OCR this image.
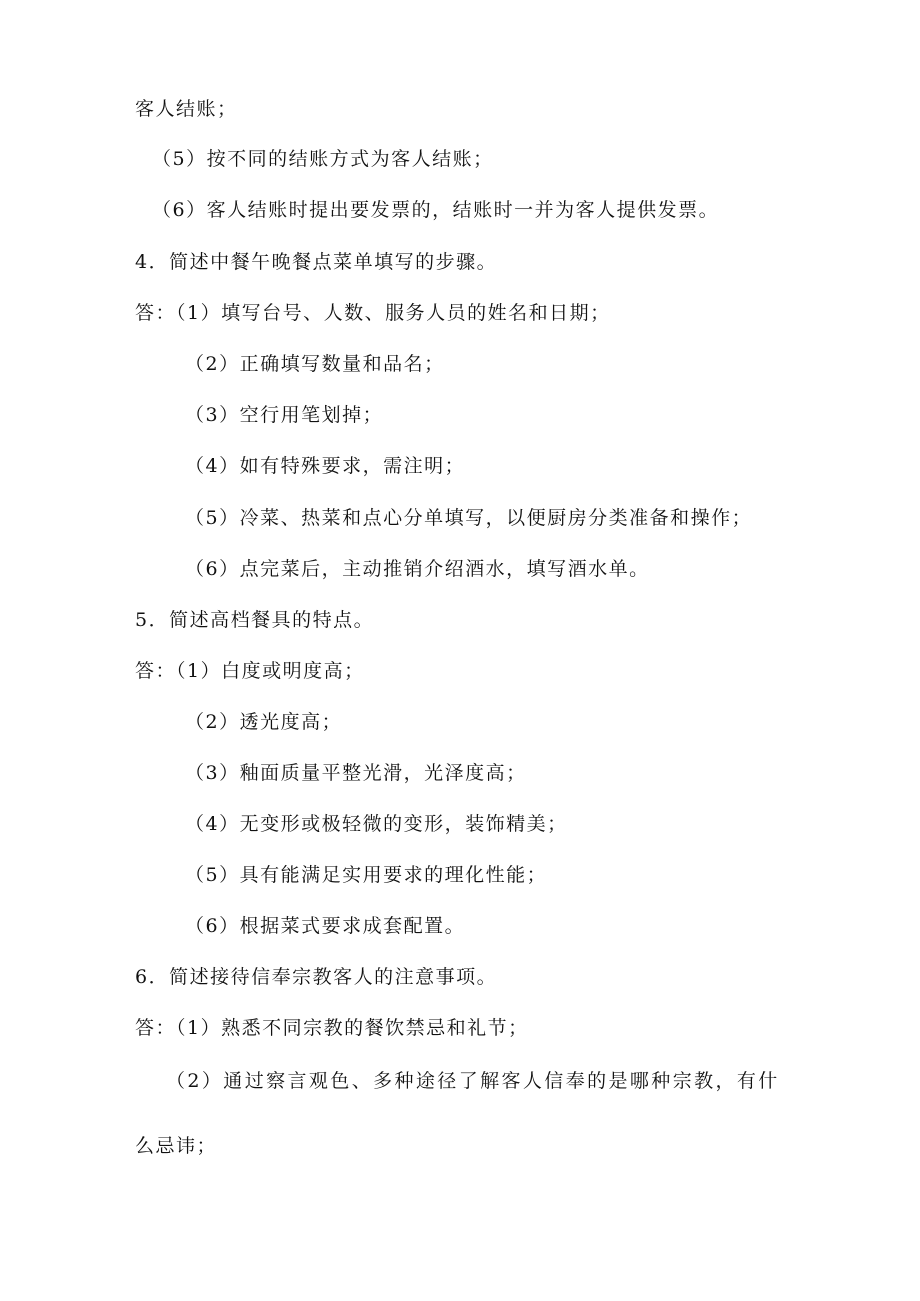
客人结账；
（5）按不同的结账方式为客人结账；
（6）客人结账时提出要发票的，结账时一并为客人提供发票。
4．简述中餐午晚餐点菜单填写的步骤。
答：（1）填写台号、人数、服务人员的姓名和日期；
（2）正确填写数量和品名；
（3）空行用笔划掉；
（4）如有特殊要求，需注明；
（5）冷菜、热菜和点心分单填写，以便厨房分类准备和操作；
（6）点完菜后，主动推销介绍酒水，填写酒水单。
5．简述高档餐具的特点。
答：（1）白度或明度高；
（2）透光度高；
（3）釉面质量平整光滑，光泽度高；
（4）无变形或极轻微的变形，装饰精美；
（5）具有能满足实用要求的理化性能；
（6）根据菜式要求成套配置。
6．简述接待信奉宗教客人的注意事项。
答：（1）熟悉不同宗教的餐饮禁忌和礼节；
（2）通过察言观色、多种途径了解客人信奉的是哪种宗教，有什
么忌讳；
